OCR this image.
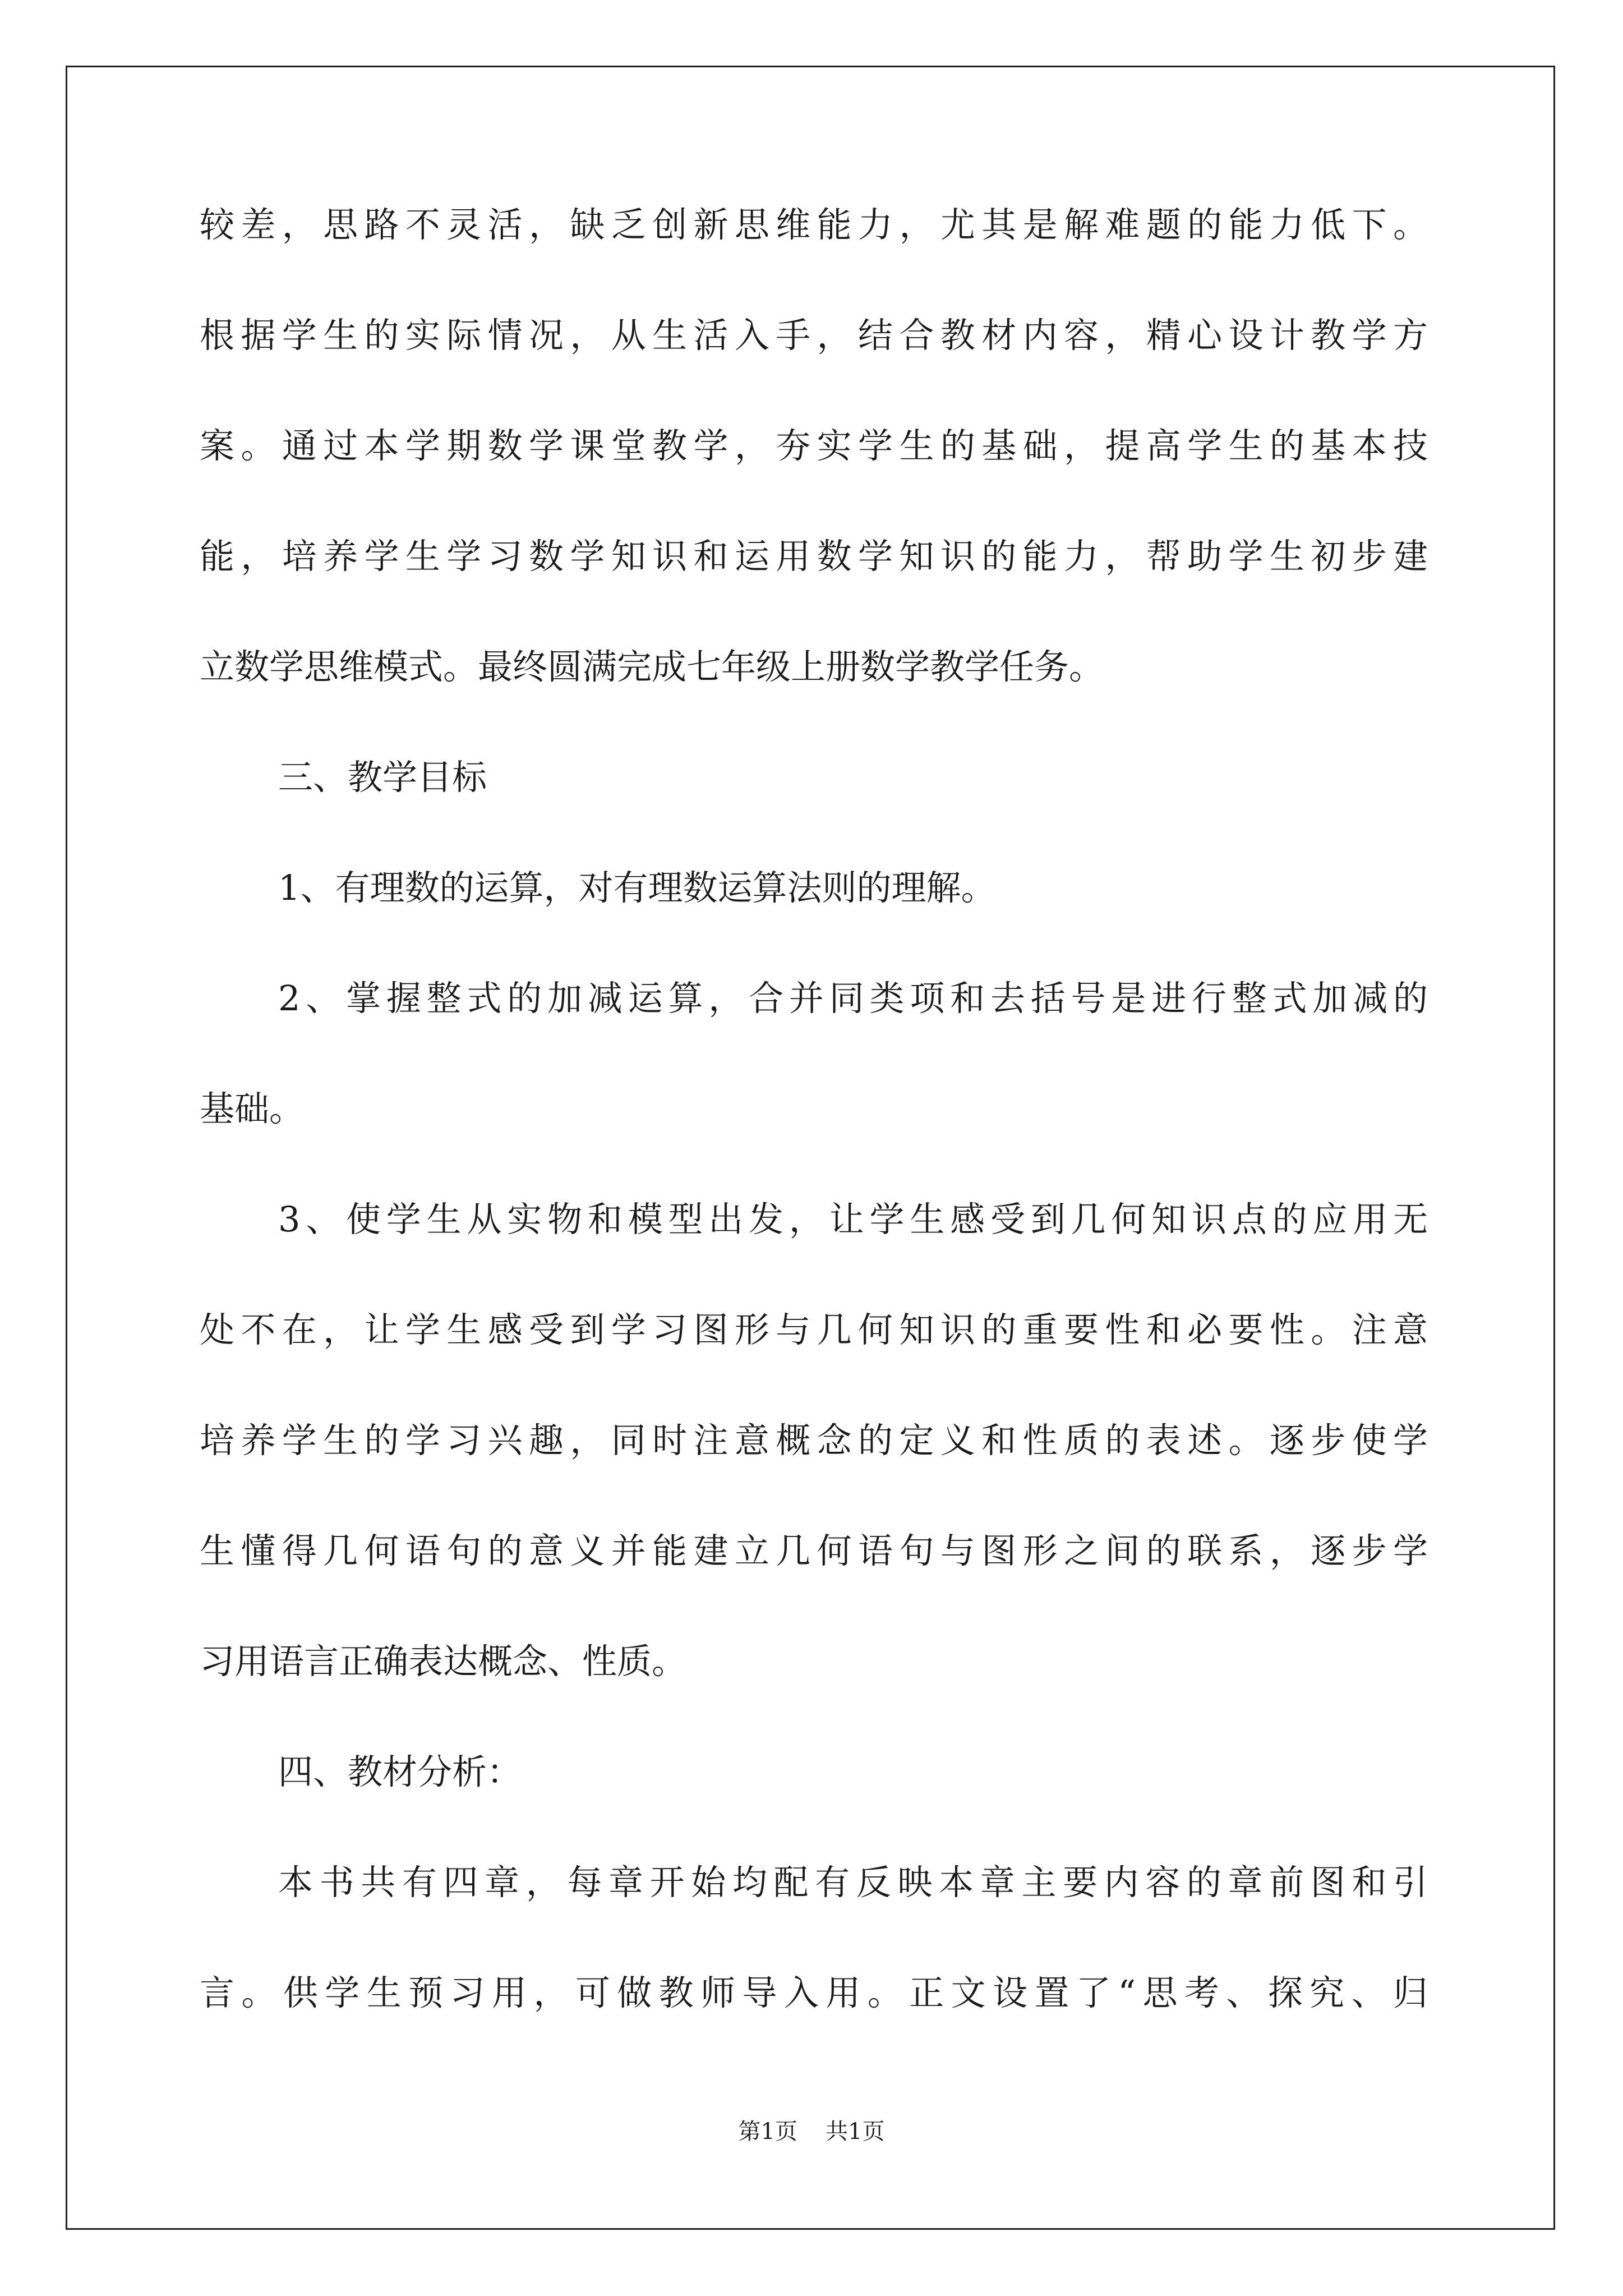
较差，思路不灵活，缺乏创新思维能力，尤其是解难题的能力低下。
根据学生的实际情况，从生活入手，结合教材内容，精心设计教学方
案。通过本学期数学课堂教学，夯实学生的基础，提高学生的基本技
能，培养学生学习数学知识和运用数学知识的能力，帮助学生初步建
立数学思维模式。最终圆满完成七年级上册数学教学任务。
三、教学目标
1、有理数的运算，对有理数运算法则的理解。
2、掌握整式的加减运算，合并同类项和去括号是进行整式加减的
基础。
3、使学生从实物和模型出发，让学生感受到几何知识点的应用无
处不在，让学生感受到学习图形与几何知识的重要性和必要性。注意
培养学生的学习兴趣，同时注意概念的定义和性质的表述。逐步使学
生懂得几何语句的意义并能建立几何语句与图形之间的联系，逐步学
习用语言正确表达概念、性质。
四、教材分析：
本书共有四章，每章开始均配有反映本章主要内容的章前图和引
言。供学生预习用，可做教师导入用。正文设置了“思考、探究、归
第1页 共1页
